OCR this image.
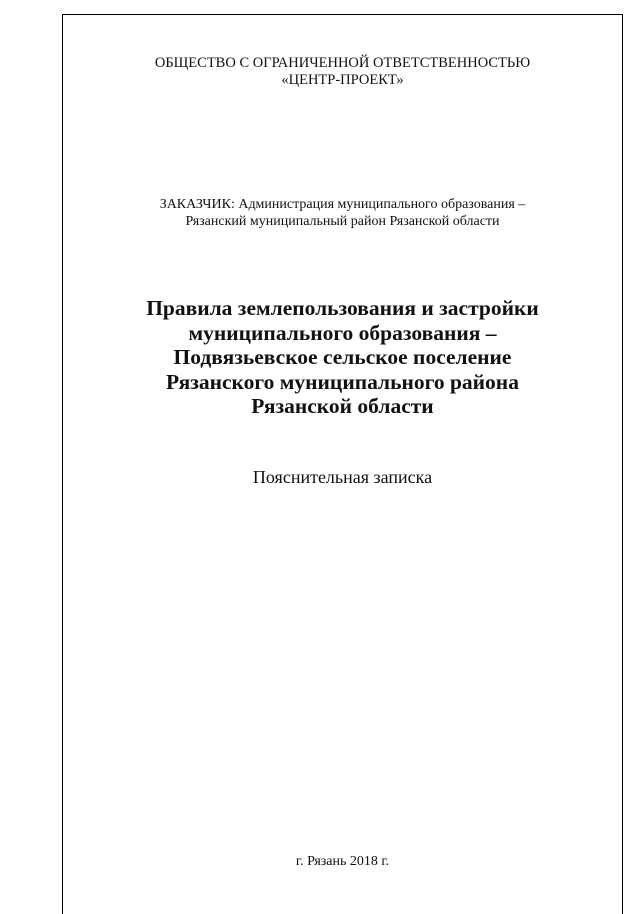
ОБЩЕСТВО С ОГРАНИЧЕННОЙ ОТВЕТСТВЕННОСТЬЮ
«ЦЕНТР-ПРОЕКТ»
ЗАКАЗЧИК: Администрация муниципального образования –
Рязанский муниципальный район Рязанской области
Правила землепользования и застройки
муниципального образования –
Подвязьевское сельское поселение
Рязанского муниципального района
Рязанской области
Пояснительная записка
г. Рязань 2018 г.
